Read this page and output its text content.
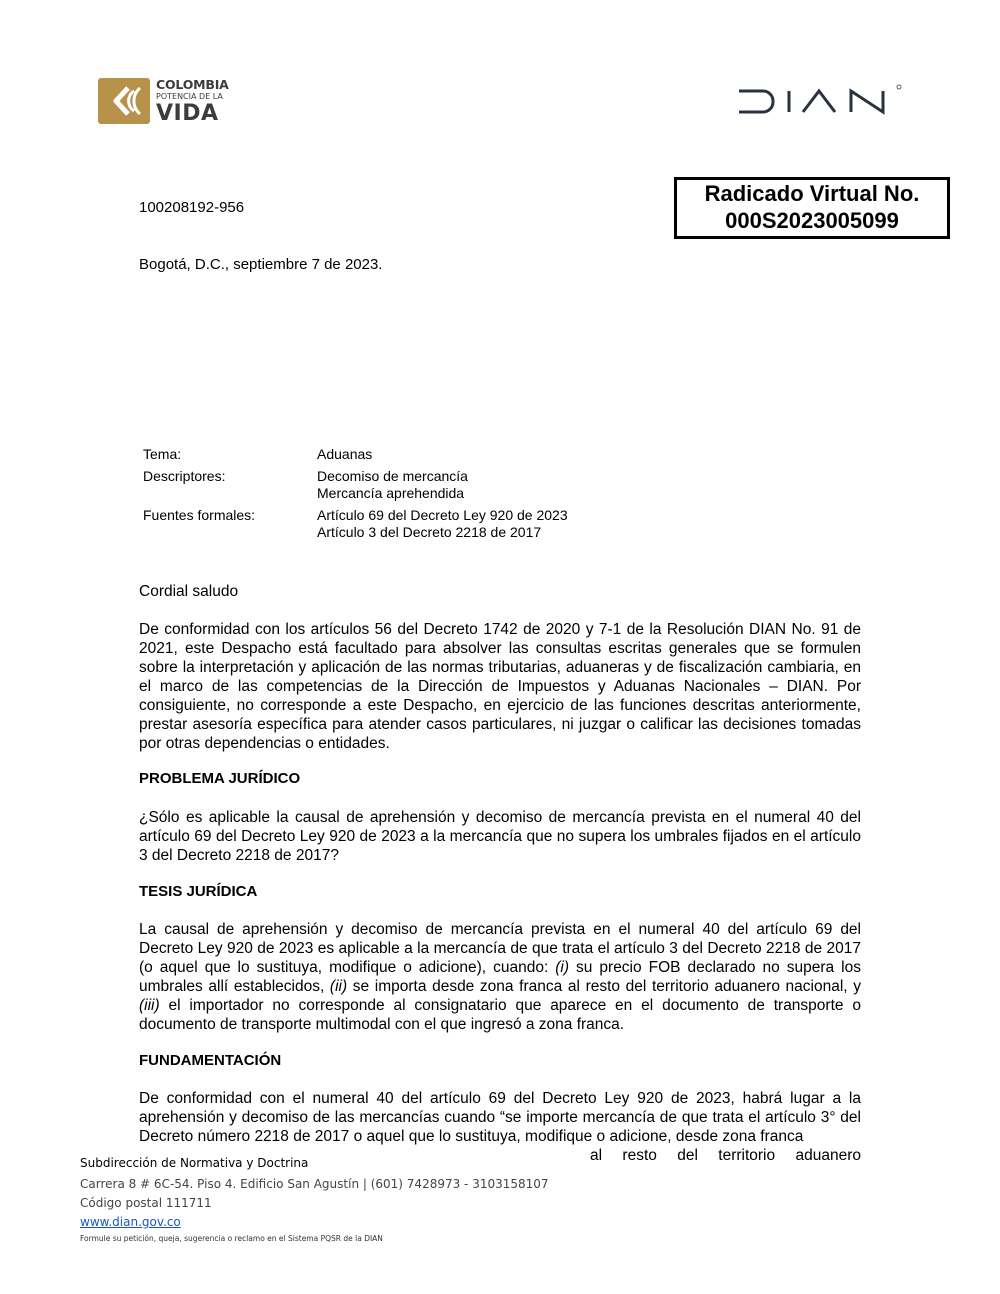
COLOMBIA
POTENCIA DE LA
VIDA
Radicado Virtual No.
000S2023005099
100208192-956
Bogotá, D.C., septiembre 7 de 2023.
Tema:	Aduanas
Descriptores:	Decomiso de mercancía
Mercancía aprehendida
Fuentes formales:	Artículo 69 del Decreto Ley 920 de 2023
Artículo 3 del Decreto 2218 de 2017
Cordial saludo

De conformidad con los artículos 56 del Decreto 1742 de 2020 y 7-1 de la Resolución DIAN No. 91 de 2021, este Despacho está facultado para absolver las consultas escritas generales que se formulen sobre la interpretación y aplicación de las normas tributarias, aduaneras y de fiscalización cambiaria, en el marco de las competencias de la Dirección de Impuestos y Aduanas Nacionales – DIAN. Por consiguiente, no corresponde a este Despacho, en ejercicio de las funciones descritas anteriormente, prestar asesoría específica para atender casos particulares, ni juzgar o calificar las decisiones tomadas por otras dependencias o entidades.

PROBLEMA JURÍDICO

¿Sólo es aplicable la causal de aprehensión y decomiso de mercancía prevista en el numeral 40 del artículo 69 del Decreto Ley 920 de 2023 a la mercancía que no supera los umbrales fijados en el artículo 3 del Decreto 2218 de 2017?

TESIS JURÍDICA

La causal de aprehensión y decomiso de mercancía prevista en el numeral 40 del artículo 69 del Decreto Ley 920 de 2023 es aplicable a la mercancía de que trata el artículo 3 del Decreto 2218 de 2017 (o aquel que lo sustituya, modifique o adicione), cuando: (i) su precio FOB declarado no supera los umbrales allí establecidos, (ii) se importa desde zona franca al resto del territorio aduanero nacional, y (iii) el importador no corresponde al consignatario que aparece en el documento de transporte o documento de transporte multimodal con el que ingresó a zona franca.

FUNDAMENTACIÓN

De conformidad con el numeral 40 del artículo 69 del Decreto Ley 920 de 2023, habrá lugar a la aprehensión y decomiso de las mercancías cuando “se importe mercancía de que trata el artículo 3° del Decreto número 2218 de 2017 o aquel que lo sustituya, modifique o adicione, desde zona franca

al resto del territorio aduanero
Subdirección de Normativa y Doctrina
Carrera 8 # 6C-54. Piso 4. Edificio San Agustín | (601) 7428973 - 3103158107
Código postal 111711
www.dian.gov.co
Formule su petición, queja, sugerencia o reclamo en el Sistema PQSR de la DIAN
